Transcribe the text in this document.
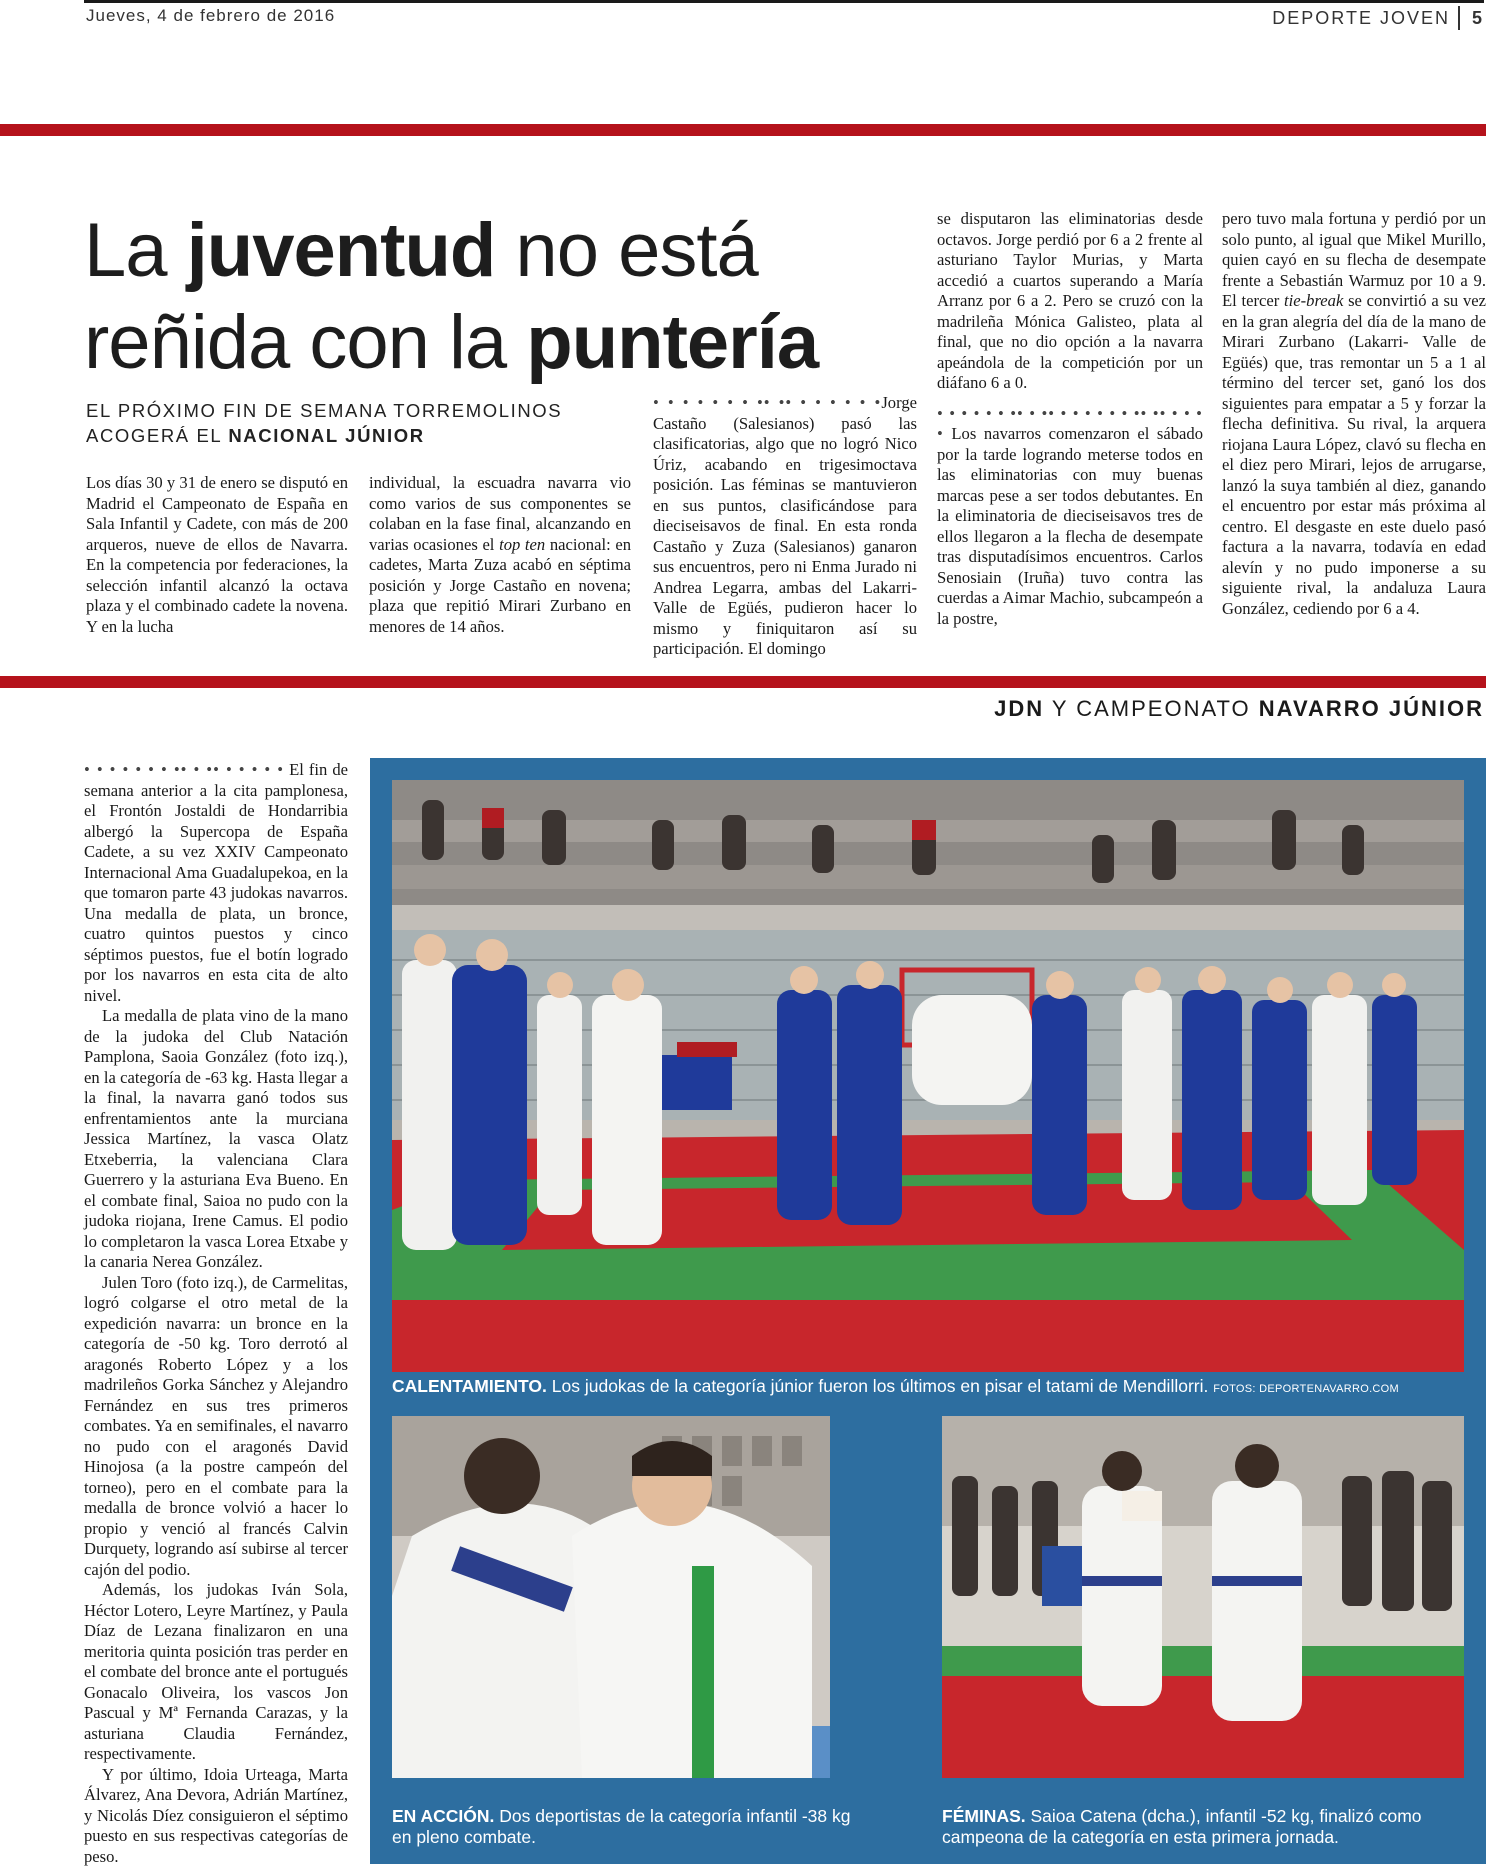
Jueves, 4 de febrero de 2016	DEPORTE JOVEN 5
La juventud no está
reñida con la puntería
EL PRÓXIMO FIN DE SEMANA TORREMOLINOS
ACOGERÁ EL NACIONAL JÚNIOR

Los días 30 y 31 de enero se disputó en Madrid el Campeonato de España en Sala Infantil y Cadete, con más de 200 arqueros, nueve de ellos de Navarra. En la competencia por federaciones, la selección infantil alcanzó la octava plaza y el combinado cadete la novena. Y en la lucha

individual, la escuadra navarra vio como varios de sus componentes se colaban en la fase final, alcanzando en varias ocasiones el top ten nacional: en cadetes, Marta Zuza acabó en séptima posición y Jorge Castaño en novena; plaza que repitió Mirari Zurbano en menores de 14 años.

• • • • • • • •• •• • • • • • •Jorge Castaño (Salesianos) pasó las clasificatorias, algo que no logró Nico Úriz, acabando en trigesimoctava posición. Las féminas se mantuvieron en sus puntos, clasificándose para dieciseisavos de final. En esta ronda Castaño y Zuza (Salesianos) ganaron sus encuentros, pero ni Enma Jurado ni Andrea Legarra, ambas del Lakarri-Valle de Egüés, pudieron hacer lo mismo y finiquitaron así su participación. El domingo

se disputaron las eliminatorias desde octavos. Jorge perdió por 6 a 2 frente al asturiano Taylor Murias, y Marta accedió a cuartos superando a María Arranz por 6 a 2. Pero se cruzó con la madrileña Mónica Galisteo, plata al final, que no dio opción a la navarra apeándola de la competición por un diáfano 6 a 0.

• • • • • • •• • •• • • • • • • •• •• • • • • Los navarros comenzaron el sábado por la tarde logrando meterse todos en las eliminatorias con muy buenas marcas pese a ser todos debutantes. En la eliminatoria de dieciseisavos tres de ellos llegaron a la flecha de desempate tras disputadísimos encuentros. Carlos Senosiain (Iruña) tuvo contra las cuerdas a Aimar Machio, subcampeón a la postre,

pero tuvo mala fortuna y perdió por un solo punto, al igual que Mikel Murillo, quien cayó en su flecha de desempate frente a Sebastián Warmuz por 10 a 9. El tercer tie-break se convirtió a su vez en la gran alegría del día de la mano de Mirari Zurbano (Lakarri- Valle de Egüés) que, tras remontar un 5 a 1 al término del tercer set, ganó los dos siguientes para empatar a 5 y forzar la flecha definitiva. Su rival, la arquera riojana Laura López, clavó su flecha en el diez pero Mirari, lejos de arrugarse, lanzó la suya también al diez, ganando el encuentro por estar más próxima al centro. El desgaste en este duelo pasó factura a la navarra, todavía en edad alevín y no pudo imponerse a su siguiente rival, la andaluza Laura González, cediendo por 6 a 4.

JDN Y CAMPEONATO NAVARRO JÚNIOR

• • • • • • • •• • •• • • • • • El fin de semana anterior a la cita pamplonesa, el Frontón Jostaldi de Hondarribia albergó la Supercopa de España Cadete, a su vez XXIV Campeonato Internacional Ama Guadalupekoa, en la que tomaron parte 43 judokas navarros. Una medalla de plata, un bronce, cuatro quintos puestos y cinco séptimos puestos, fue el botín logrado por los navarros en esta cita de alto nivel.

La medalla de plata vino de la mano de la judoka del Club Natación Pamplona, Saoia González (foto izq.), en la categoría de -63 kg. Hasta llegar a la final, la navarra ganó todos sus enfrentamientos ante la murciana Jessica Martínez, la vasca Olatz Etxeberria, la valenciana Clara Guerrero y la asturiana Eva Bueno. En el combate final, Saioa no pudo con la judoka riojana, Irene Camus. El podio lo completaron la vasca Lorea Etxabe y la canaria Nerea González.

Julen Toro (foto izq.), de Carmelitas, logró colgarse el otro metal de la expedición navarra: un bronce en la categoría de -50 kg. Toro derrotó al aragonés Roberto López y a los madrileños Gorka Sánchez y Alejandro Fernández en sus tres primeros combates. Ya en semifinales, el navarro no pudo con el aragonés David Hinojosa (a la postre campeón del torneo), pero en el combate para la medalla de bronce volvió a hacer lo propio y venció al francés Calvin Durquety, logrando así subirse al tercer cajón del podio.

Además, los judokas Iván Sola, Héctor Lotero, Leyre Martínez, y Paula Díaz de Lezana finalizaron en una meritoria quinta posición tras perder en el combate del bronce ante el portugués Gonacalo Oliveira, los vascos Jon Pascual y Mª Fernanda Carazas, y la asturiana Claudia Fernández, respectivamente.

Y por último, Idoia Urteaga, Marta Álvarez, Ana Devora, Adrián Martínez, y Nicolás Díez consiguieron el séptimo puesto en sus respectivas categorías de peso.

CALENTAMIENTO. Los judokas de la categoría júnior fueron los últimos en pisar el tatami de Mendillorri. FOTOS: DEPORTENAVARRO.COM
EN ACCIÓN. Dos deportistas de la categoría infantil -38 kg en pleno combate.
FÉMINAS. Saioa Catena (dcha.), infantil -52 kg, finalizó como campeona de la categoría en esta primera jornada.
